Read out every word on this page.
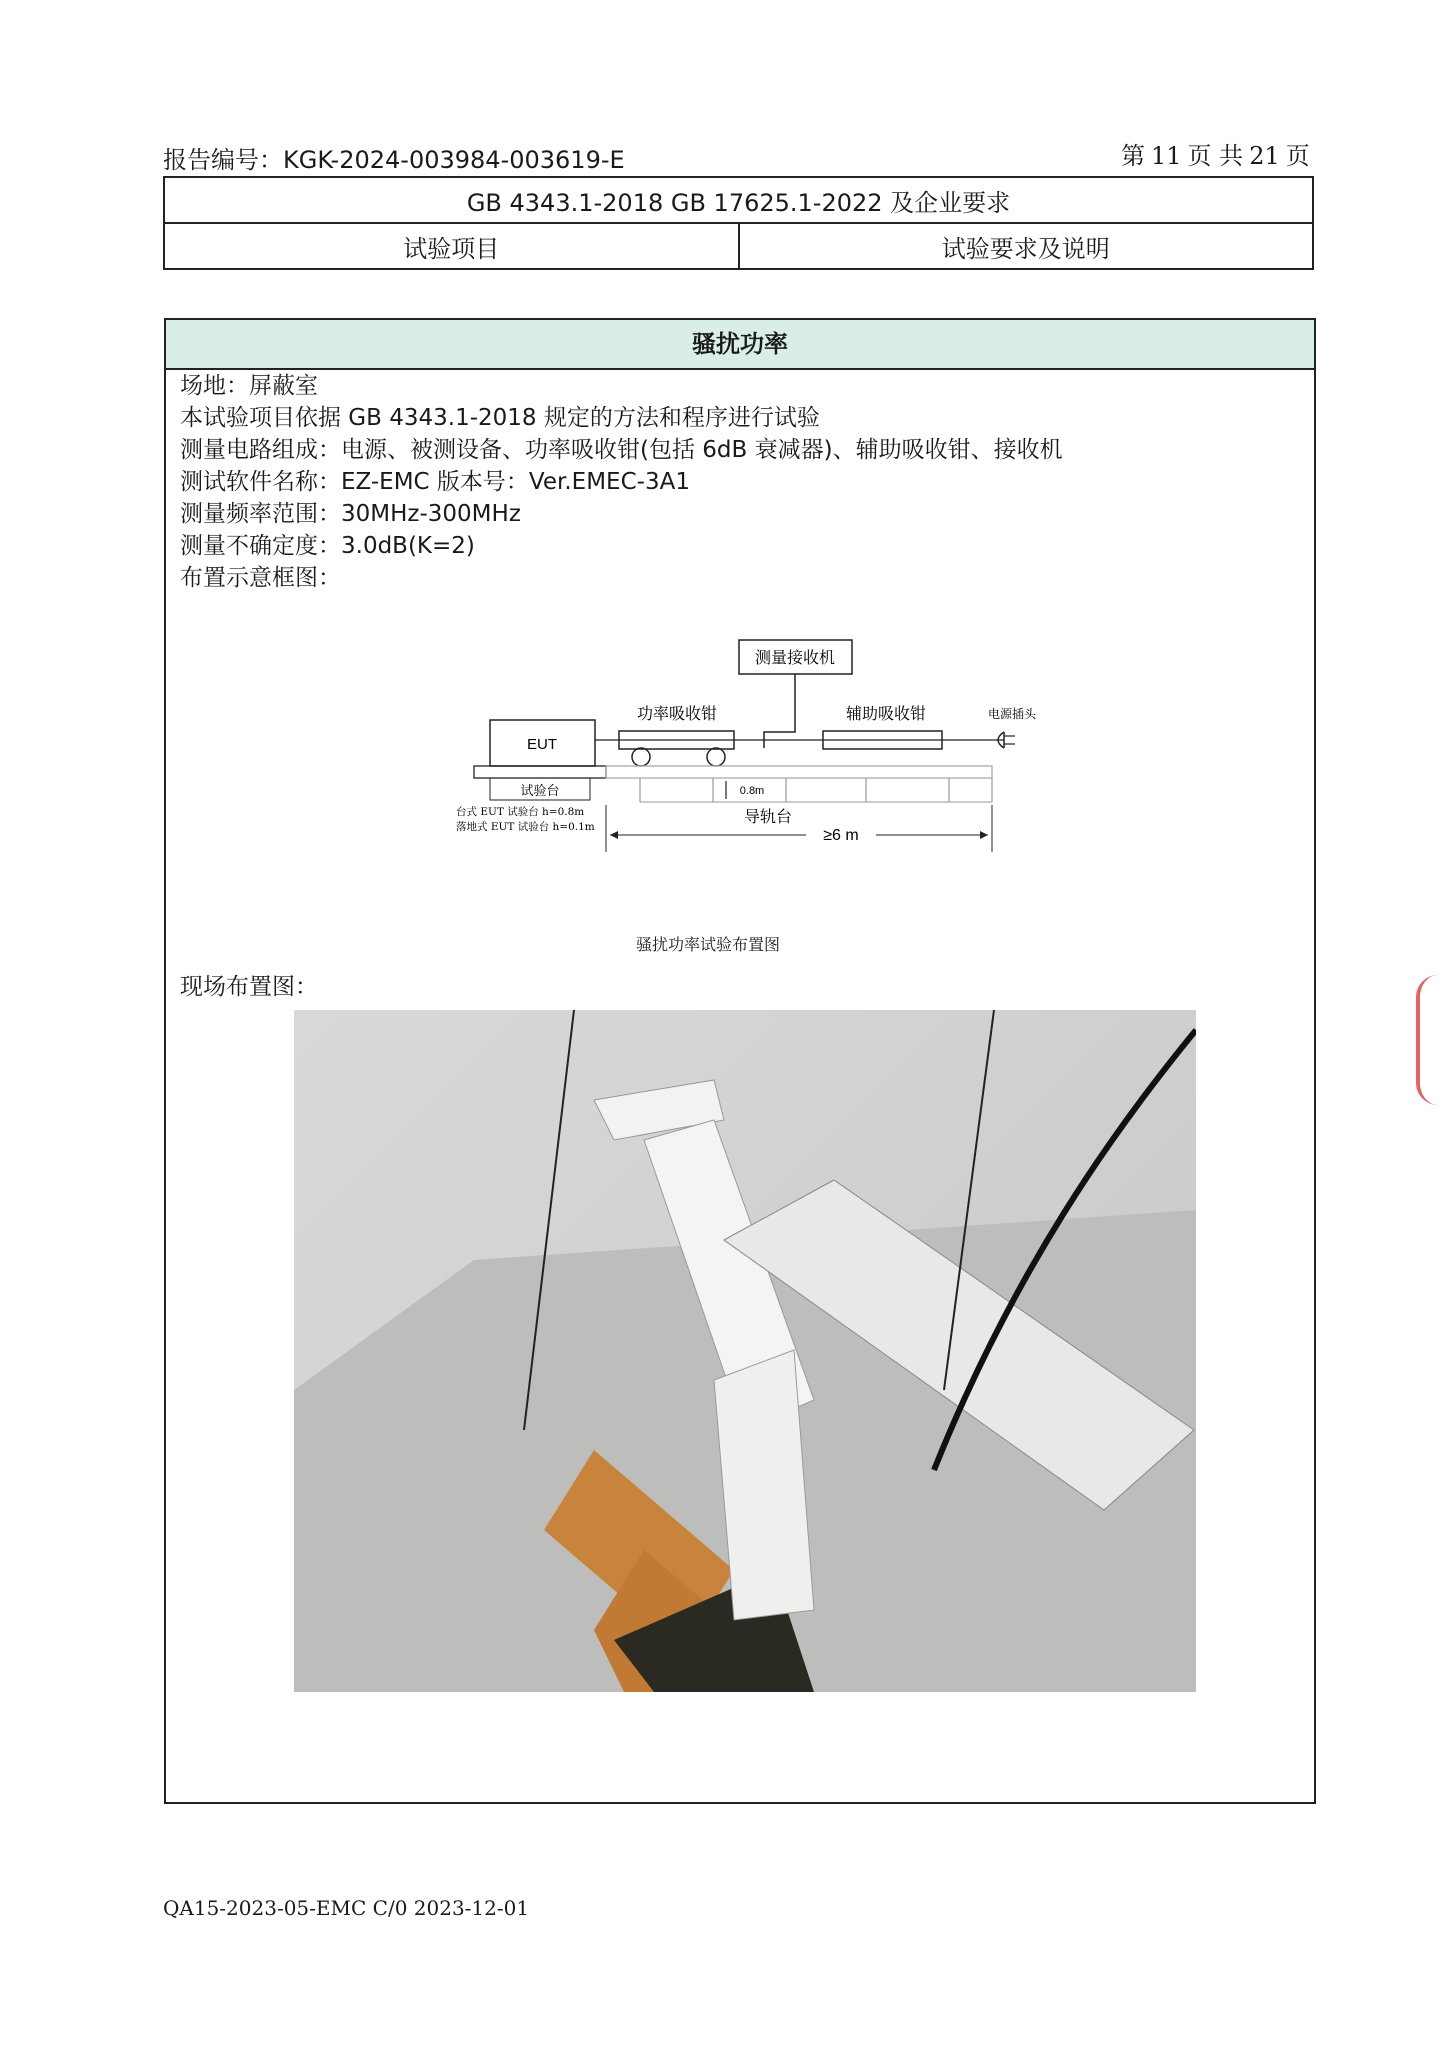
报告编号：KGK-2024-003984-003619-E	第 11 页 共 21 页
GB 4343.1-2018 GB 17625.1-2022 及企业要求
试验项目	试验要求及说明
骚扰功率
场地：屏蔽室
本试验项目依据 GB 4343.1-2018 规定的方法和程序进行试验
测量电路组成：电源、被测设备、功率吸收钳(包括 6dB 衰减器)、辅助吸收钳、接收机
测试软件名称：EZ-EMC 版本号：Ver.EMEC-3A1
测量频率范围：30MHz-300MHz
测量不确定度：3.0dB(K=2)
布置示意框图：
测量接收机
功率吸收钳	辅助吸收钳	电源插头
EUT
试验台	0.8m
导轨台
≥6 m
台式 EUT 试验台 h=0.8m
落地式 EUT 试验台 h=0.1m
骚扰功率试验布置图
现场布置图：
QA15-2023-05-EMC C/0 2023-12-01
